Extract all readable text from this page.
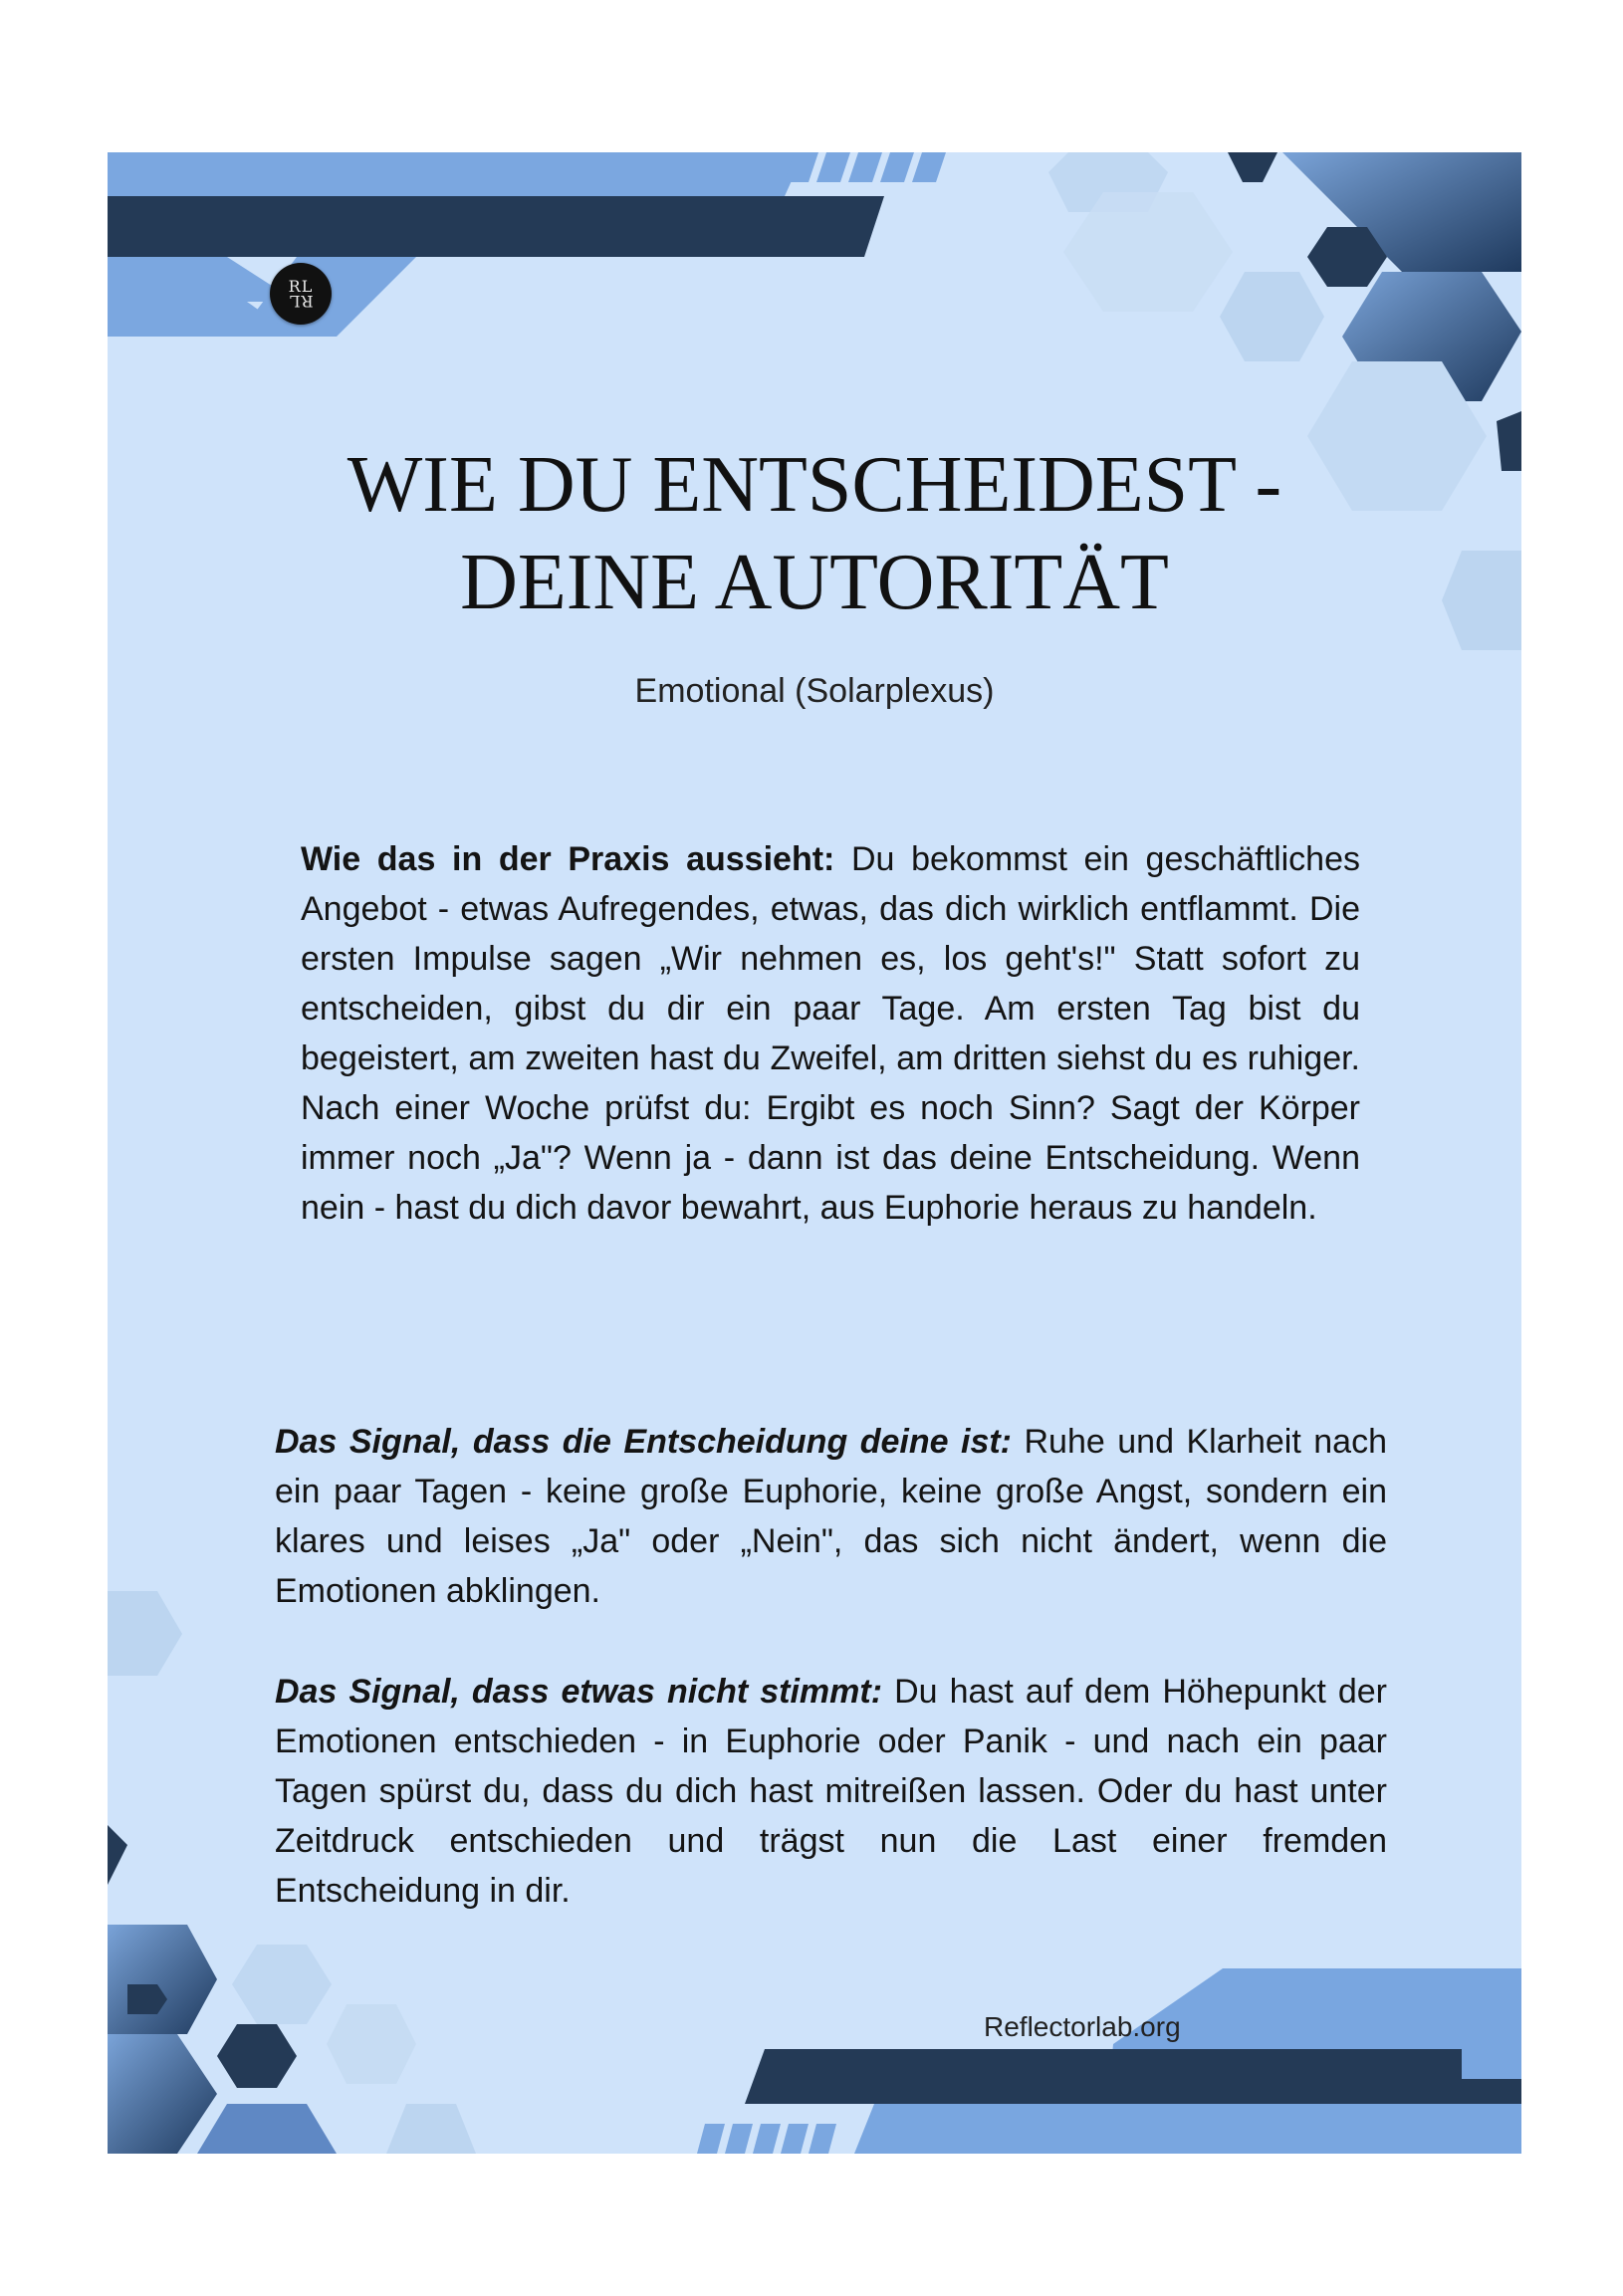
RL
RL
WIE DU ENTSCHEIDEST -
DEINE AUTORITÄT
Emotional (Solarplexus)

Wie das in der Praxis aussieht: Du bekommst ein geschäftliches Angebot - etwas Aufregendes, etwas, das dich wirklich entflammt. Die ersten Impulse sagen „Wir nehmen es, los geht's!" Statt sofort zu entscheiden, gibst du dir ein paar Tage. Am ersten Tag bist du begeistert, am zweiten hast du Zweifel, am dritten siehst du es ruhiger. Nach einer Woche prüfst du: Ergibt es noch Sinn? Sagt der Körper immer noch „Ja"? Wenn ja - dann ist das deine Entscheidung. Wenn nein - hast du dich davor bewahrt, aus Euphorie heraus zu handeln.

Das Signal, dass die Entscheidung deine ist: Ruhe und Klarheit nach ein paar Tagen - keine große Euphorie, keine große Angst, sondern ein klares und leises „Ja" oder „Nein", das sich nicht ändert, wenn die Emotionen abklingen.

Das Signal, dass etwas nicht stimmt: Du hast auf dem Höhepunkt der Emotionen entschieden - in Euphorie oder Panik - und nach ein paar Tagen spürst du, dass du dich hast mitreißen lassen. Oder du hast unter Zeitdruck entschieden und trägst nun die Last einer fremden Entscheidung in dir.

Reflectorlab.org
